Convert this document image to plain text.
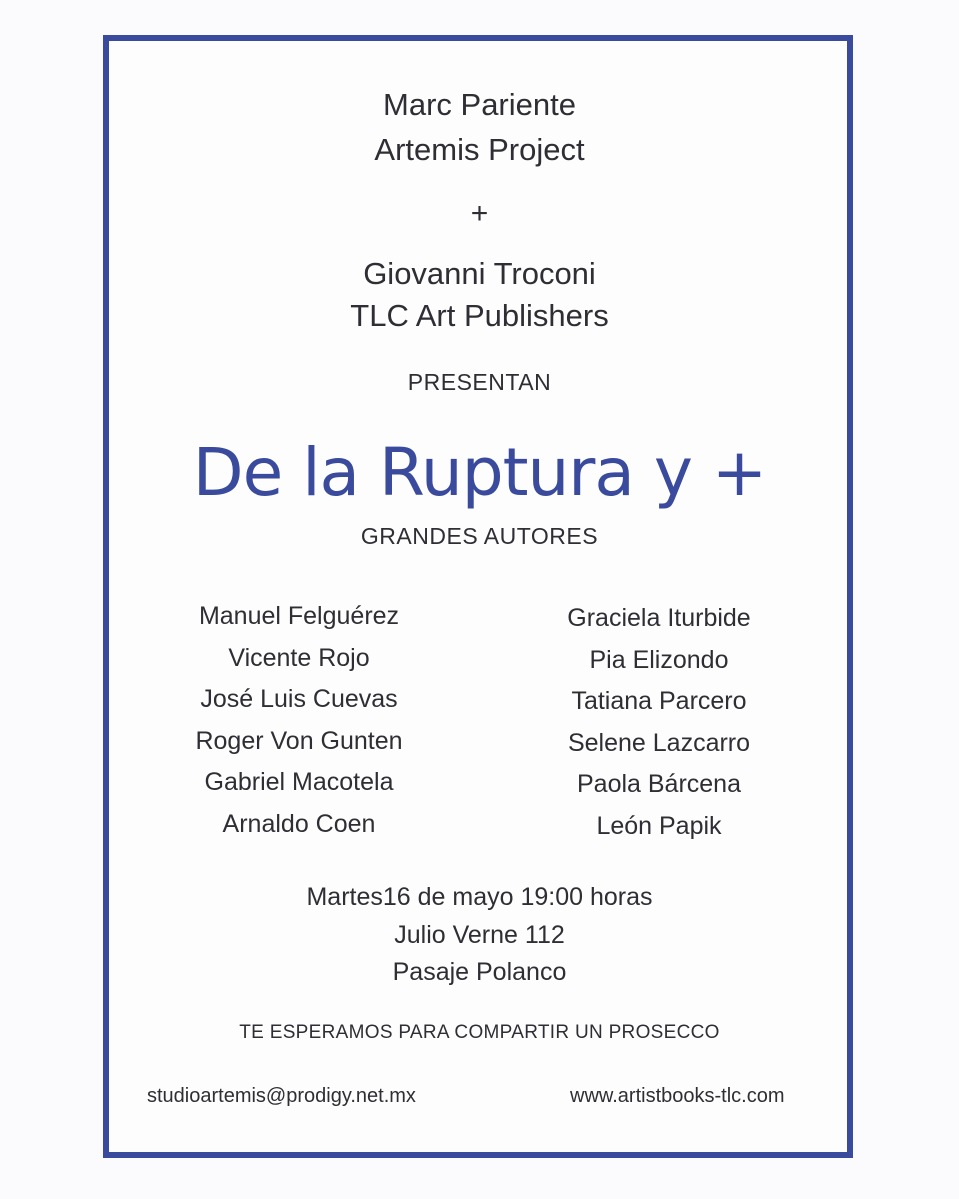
Marc Pariente
Artemis Project
+
Giovanni Troconi
TLC Art Publishers
PRESENTAN
De la Ruptura y +
GRANDES AUTORES
Manuel Felguérez
Vicente Rojo
José Luis Cuevas
Roger Von Gunten
Gabriel Macotela
Arnaldo Coen
Graciela Iturbide
Pia Elizondo
Tatiana Parcero
Selene Lazcarro
Paola Bárcena
León Papik
Martes16 de mayo 19:00 horas
Julio Verne 112
Pasaje Polanco
TE ESPERAMOS PARA COMPARTIR UN PROSECCO
studioartemis@prodigy.net.mx	www.artistbooks-tlc.com
